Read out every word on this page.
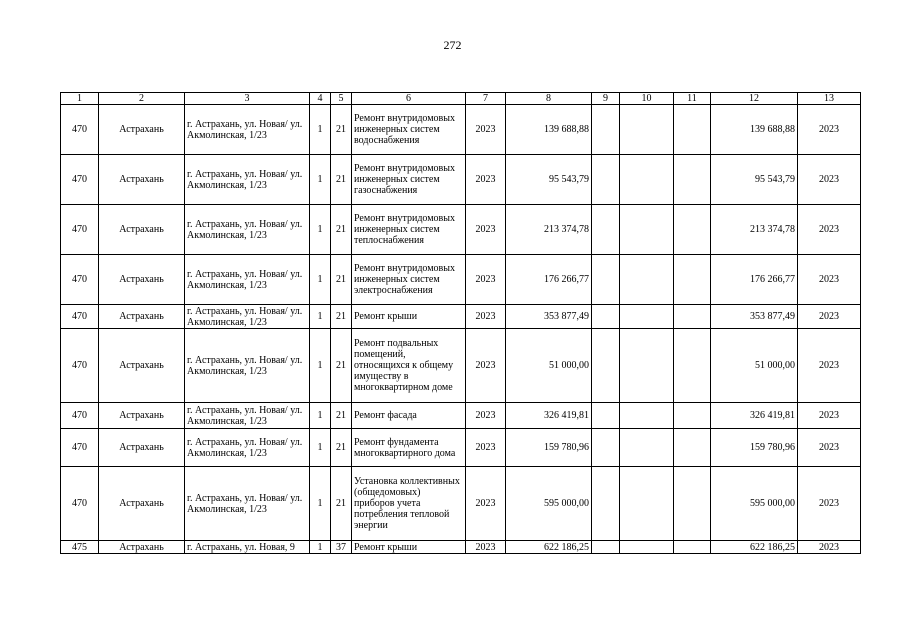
272
1	2	3	4	5	6	7	8	9	10	11	12	13
470	Астрахань	г. Астрахань, ул. Новая/ ул. Акмолинская, 1/23	1	21	Ремонт внутридомовых инженерных систем водоснабжения	2023	139 688,88				139 688,88	2023
470	Астрахань	г. Астрахань, ул. Новая/ ул. Акмолинская, 1/23	1	21	Ремонт внутридомовых инженерных систем газоснабжения	2023	95 543,79				95 543,79	2023
470	Астрахань	г. Астрахань, ул. Новая/ ул. Акмолинская, 1/23	1	21	Ремонт внутридомовых инженерных систем теплоснабжения	2023	213 374,78				213 374,78	2023
470	Астрахань	г. Астрахань, ул. Новая/ ул. Акмолинская, 1/23	1	21	Ремонт внутридомовых инженерных систем электроснабжения	2023	176 266,77				176 266,77	2023
470	Астрахань	г. Астрахань, ул. Новая/ ул. Акмолинская, 1/23	1	21	Ремонт крыши	2023	353 877,49				353 877,49	2023
470	Астрахань	г. Астрахань, ул. Новая/ ул. Акмолинская, 1/23	1	21	Ремонт подвальных помещений, относящихся к общему имуществу в многоквартирном доме	2023	51 000,00				51 000,00	2023
470	Астрахань	г. Астрахань, ул. Новая/ ул. Акмолинская, 1/23	1	21	Ремонт фасада	2023	326 419,81				326 419,81	2023
470	Астрахань	г. Астрахань, ул. Новая/ ул. Акмолинская, 1/23	1	21	Ремонт фундамента многоквартирного дома	2023	159 780,96				159 780,96	2023
470	Астрахань	г. Астрахань, ул. Новая/ ул. Акмолинская, 1/23	1	21	Установка коллективных (общедомовых) приборов учета потребления тепловой энергии	2023	595 000,00				595 000,00	2023
475	Астрахань	г. Астрахань, ул. Новая, 9	1	37	Ремонт крыши	2023	622 186,25				622 186,25	2023
